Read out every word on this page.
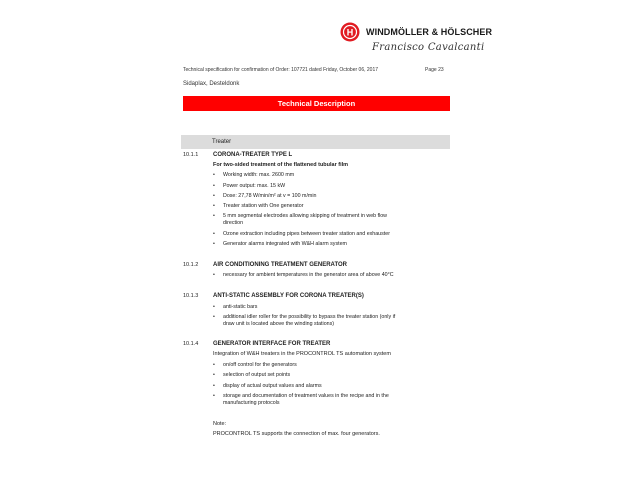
H WINDMÖLLER & HÖLSCHER
Francisco Cavalcanti
Technical specification for confirmation of Order: 107721 dated Friday, October 06, 2017	Page 23
Sidaplax, Desteldonk
Technical Description
Treater
10.1.1 CORONA-TREATER TYPE L
For two-sided treatment of the flattened tubular film
•	Working width: max. 2600 mm
•	Power output: max. 15 kW
•	Dose: 27,78 W/min/m² at v = 100 m/min
•	Treater station with One generator
•	5 mm segmental electrodes allowing skipping of treatment in web flow
direction
•	Ozone extraction including pipes between treater station and exhauster
•	Generator alarms integrated with W&H alarm system
10.1.2 AIR CONDITIONING TREATMENT GENERATOR
•	necessary for ambient temperatures in the generator area of above 40°C
10.1.3 ANTI-STATIC ASSEMBLY FOR CORONA TREATER(S)
•	anti-static bars
•	additional idler roller for the possibility to bypass the treater station (only if
draw unit is located above the winding stations)
10.1.4 GENERATOR INTERFACE FOR TREATER
Integration of W&H treaters in the PROCONTROL TS automation system
•	on/off control for the generators
•	selection of output set points
•	display of actual output values and alarms
•	storage and documentation of treatment values in the recipe and in the
manufacturing protocols
Note:
PROCONTROL TS supports the connection of max. four generators.
